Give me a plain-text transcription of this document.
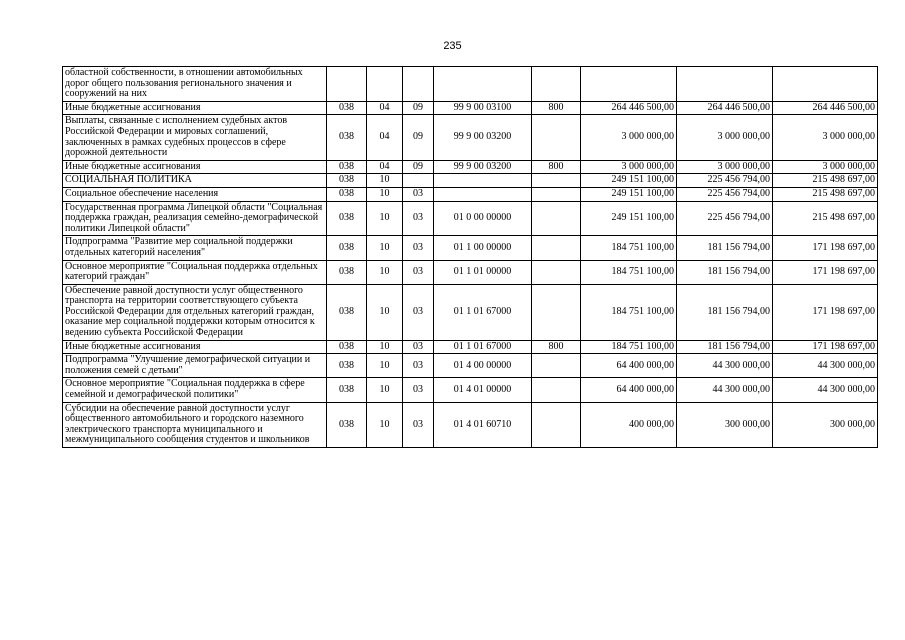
235
областной собственности, в отношении автомобильных дорог общего пользования регионального значения и сооружений на них								
Иные бюджетные ассигнования	038	04	09	99 9 00 03100	800	264 446 500,00	264 446 500,00	264 446 500,00
Выплаты, связанные с исполнением судебных актов Российской Федерации и мировых соглашений, заключенных в рамках судебных процессов в сфере дорожной деятельности	038	04	09	99 9 00 03200		3 000 000,00	3 000 000,00	3 000 000,00
Иные бюджетные ассигнования	038	04	09	99 9 00 03200	800	3 000 000,00	3 000 000,00	3 000 000,00
СОЦИАЛЬНАЯ ПОЛИТИКА	038	10				249 151 100,00	225 456 794,00	215 498 697,00
Социальное обеспечение населения	038	10	03			249 151 100,00	225 456 794,00	215 498 697,00
Государственная программа Липецкой области "Социальная поддержка граждан, реализация семейно-демографической политики Липецкой области"	038	10	03	01 0 00 00000		249 151 100,00	225 456 794,00	215 498 697,00
Подпрограмма "Развитие мер социальной поддержки отдельных категорий населения"	038	10	03	01 1 00 00000		184 751 100,00	181 156 794,00	171 198 697,00
Основное мероприятие "Социальная поддержка отдельных категорий граждан"	038	10	03	01 1 01 00000		184 751 100,00	181 156 794,00	171 198 697,00
Обеспечение равной доступности услуг общественного транспорта на территории соответствующего субъекта Российской Федерации для отдельных категорий граждан, оказание мер социальной поддержки которым относится к ведению субъекта Российской Федерации	038	10	03	01 1 01 67000		184 751 100,00	181 156 794,00	171 198 697,00
Иные бюджетные ассигнования	038	10	03	01 1 01 67000	800	184 751 100,00	181 156 794,00	171 198 697,00
Подпрограмма "Улучшение демографической ситуации и положения семей с детьми"	038	10	03	01 4 00 00000		64 400 000,00	44 300 000,00	44 300 000,00
Основное мероприятие "Социальная поддержка в сфере семейной и демографической политики"	038	10	03	01 4 01 00000		64 400 000,00	44 300 000,00	44 300 000,00
Субсидии на обеспечение равной доступности услуг общественного автомобильного и городского наземного электрического транспорта муниципального и межмуниципального сообщения студентов и школьников	038	10	03	01 4 01 60710		400 000,00	300 000,00	300 000,00
